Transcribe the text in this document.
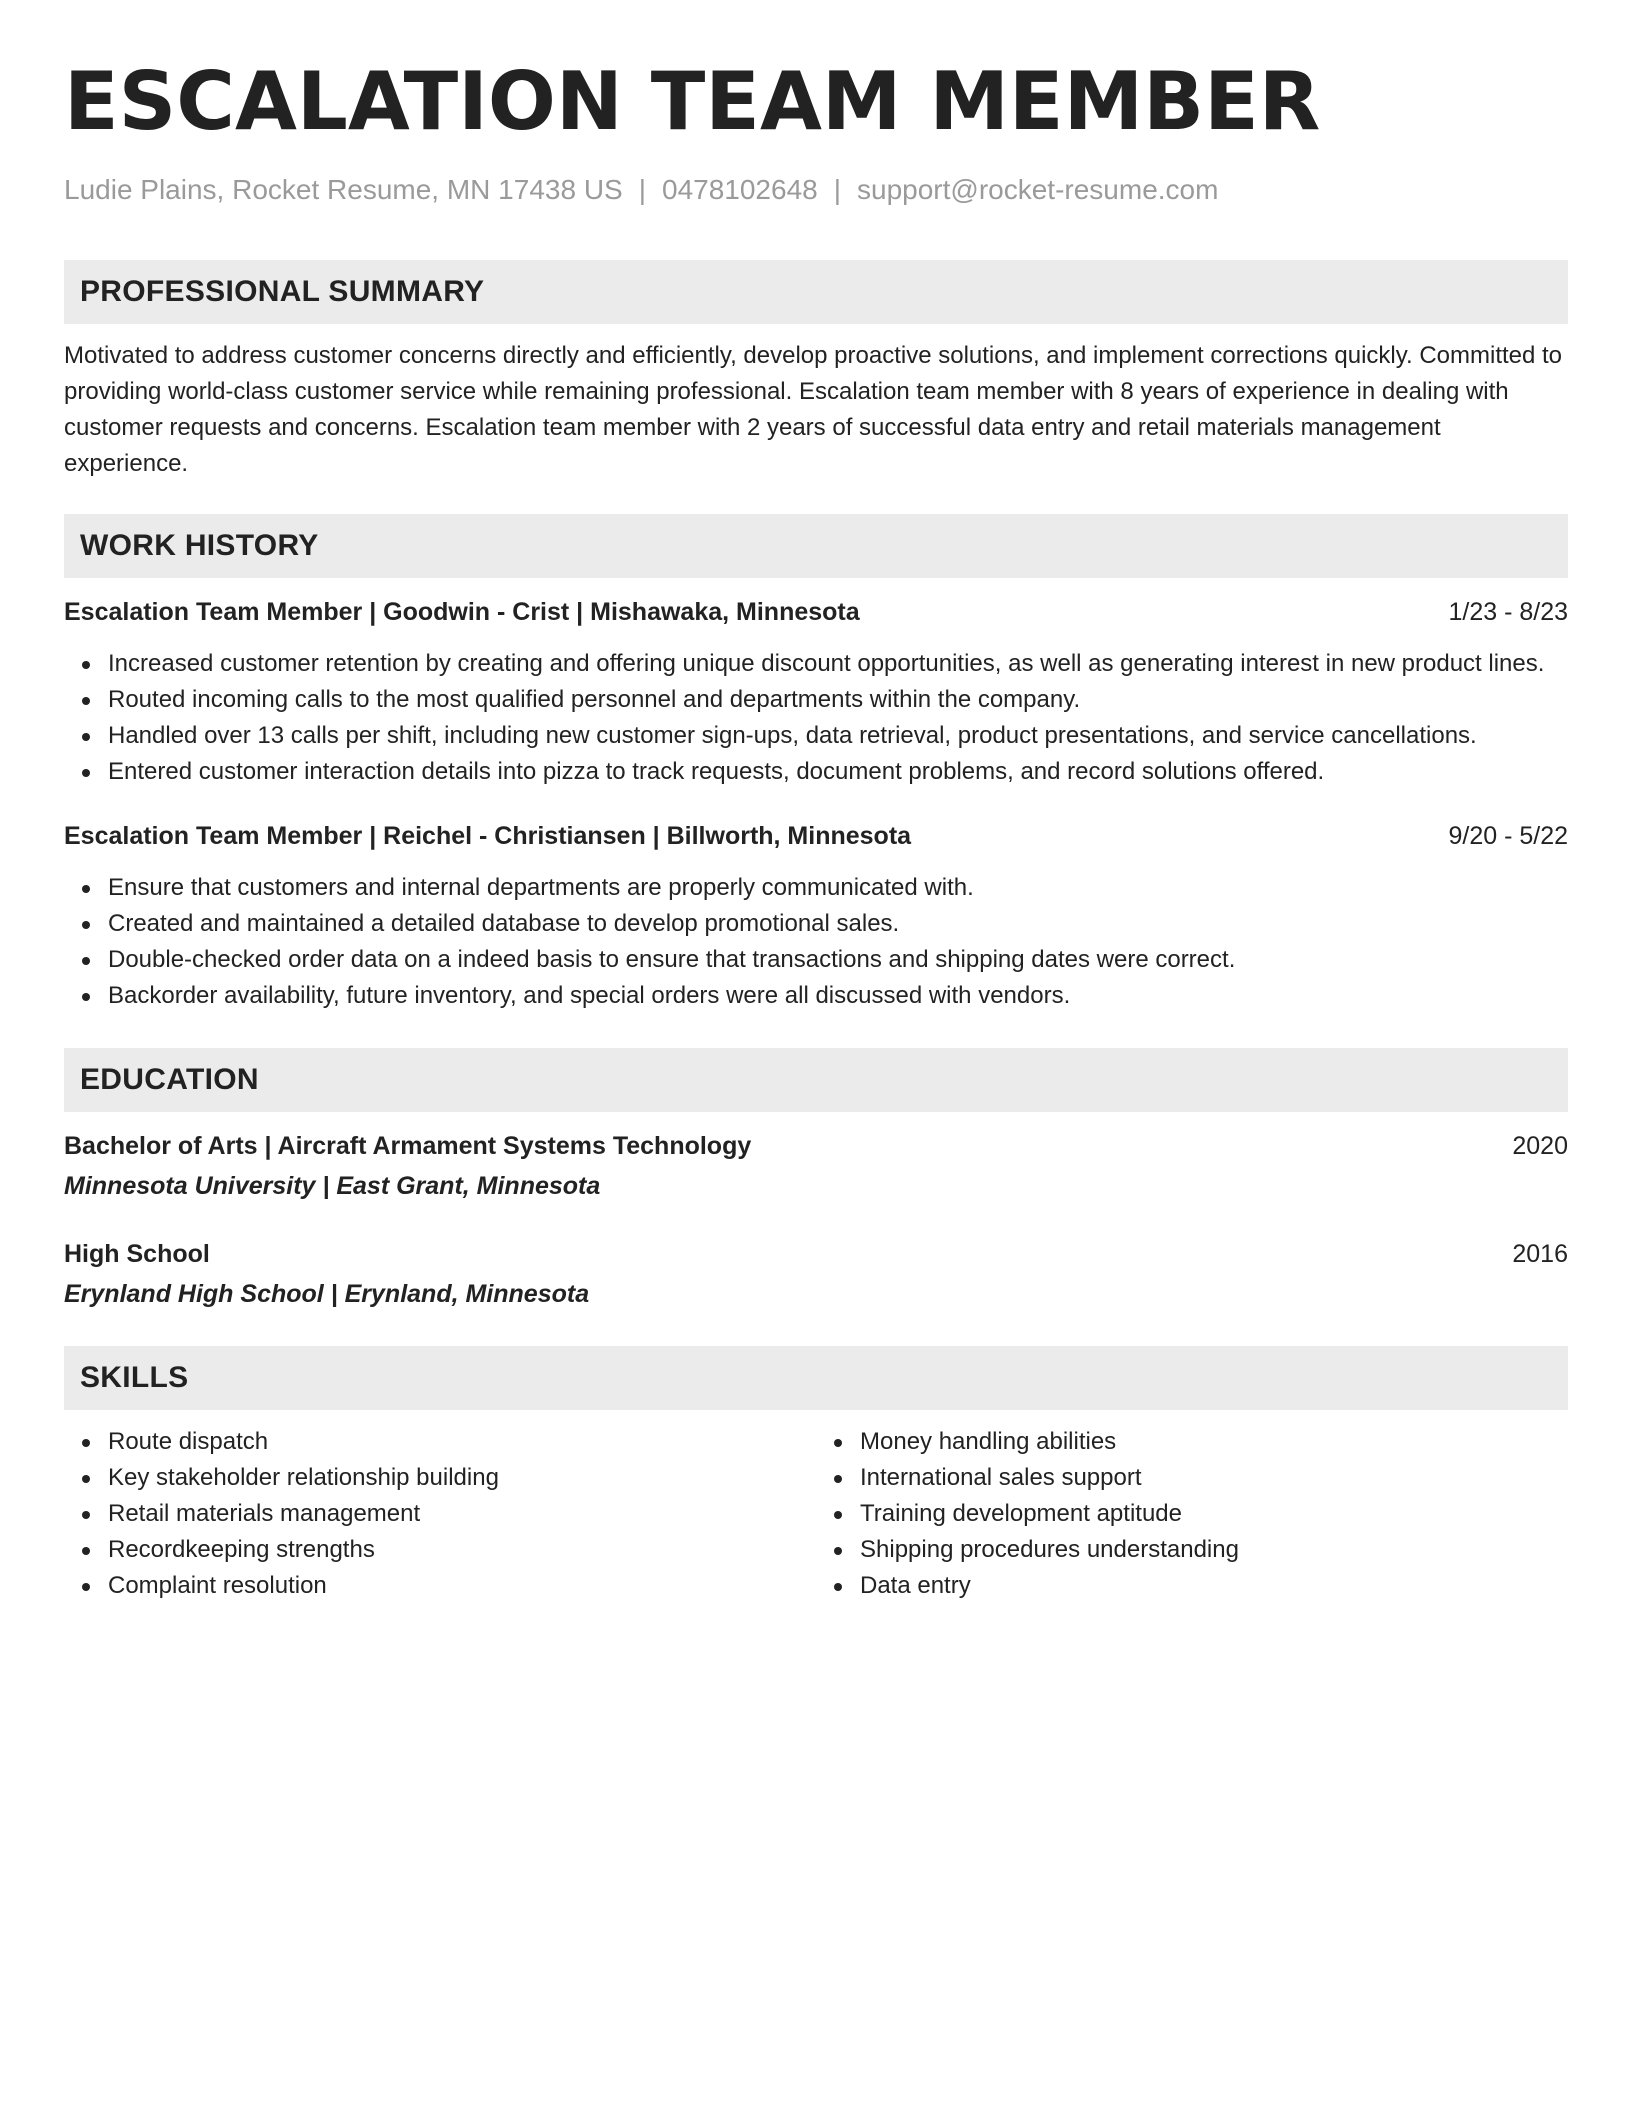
ESCALATION TEAM MEMBER
Ludie Plains, Rocket Resume, MN 17438 US | 0478102648 | support@rocket-resume.com
PROFESSIONAL SUMMARY
Motivated to address customer concerns directly and efficiently, develop proactive solutions, and implement corrections quickly. Committed to providing world-class customer service while remaining professional. Escalation team member with 8 years of experience in dealing with customer requests and concerns. Escalation team member with 2 years of successful data entry and retail materials management experience.
WORK HISTORY
Escalation Team Member | Goodwin - Crist | Mishawaka, Minnesota	1/23 - 8/23
Increased customer retention by creating and offering unique discount opportunities, as well as generating interest in new product lines.
Routed incoming calls to the most qualified personnel and departments within the company.
Handled over 13 calls per shift, including new customer sign-ups, data retrieval, product presentations, and service cancellations.
Entered customer interaction details into pizza to track requests, document problems, and record solutions offered.
Escalation Team Member | Reichel - Christiansen | Billworth, Minnesota	9/20 - 5/22
Ensure that customers and internal departments are properly communicated with.
Created and maintained a detailed database to develop promotional sales.
Double-checked order data on a indeed basis to ensure that transactions and shipping dates were correct.
Backorder availability, future inventory, and special orders were all discussed with vendors.
EDUCATION
Bachelor of Arts | Aircraft Armament Systems Technology	2020
Minnesota University | East Grant, Minnesota
High School	2016
Erynland High School | Erynland, Minnesota
SKILLS
Route dispatch
Key stakeholder relationship building
Retail materials management
Recordkeeping strengths
Complaint resolution
Money handling abilities
International sales support
Training development aptitude
Shipping procedures understanding
Data entry
